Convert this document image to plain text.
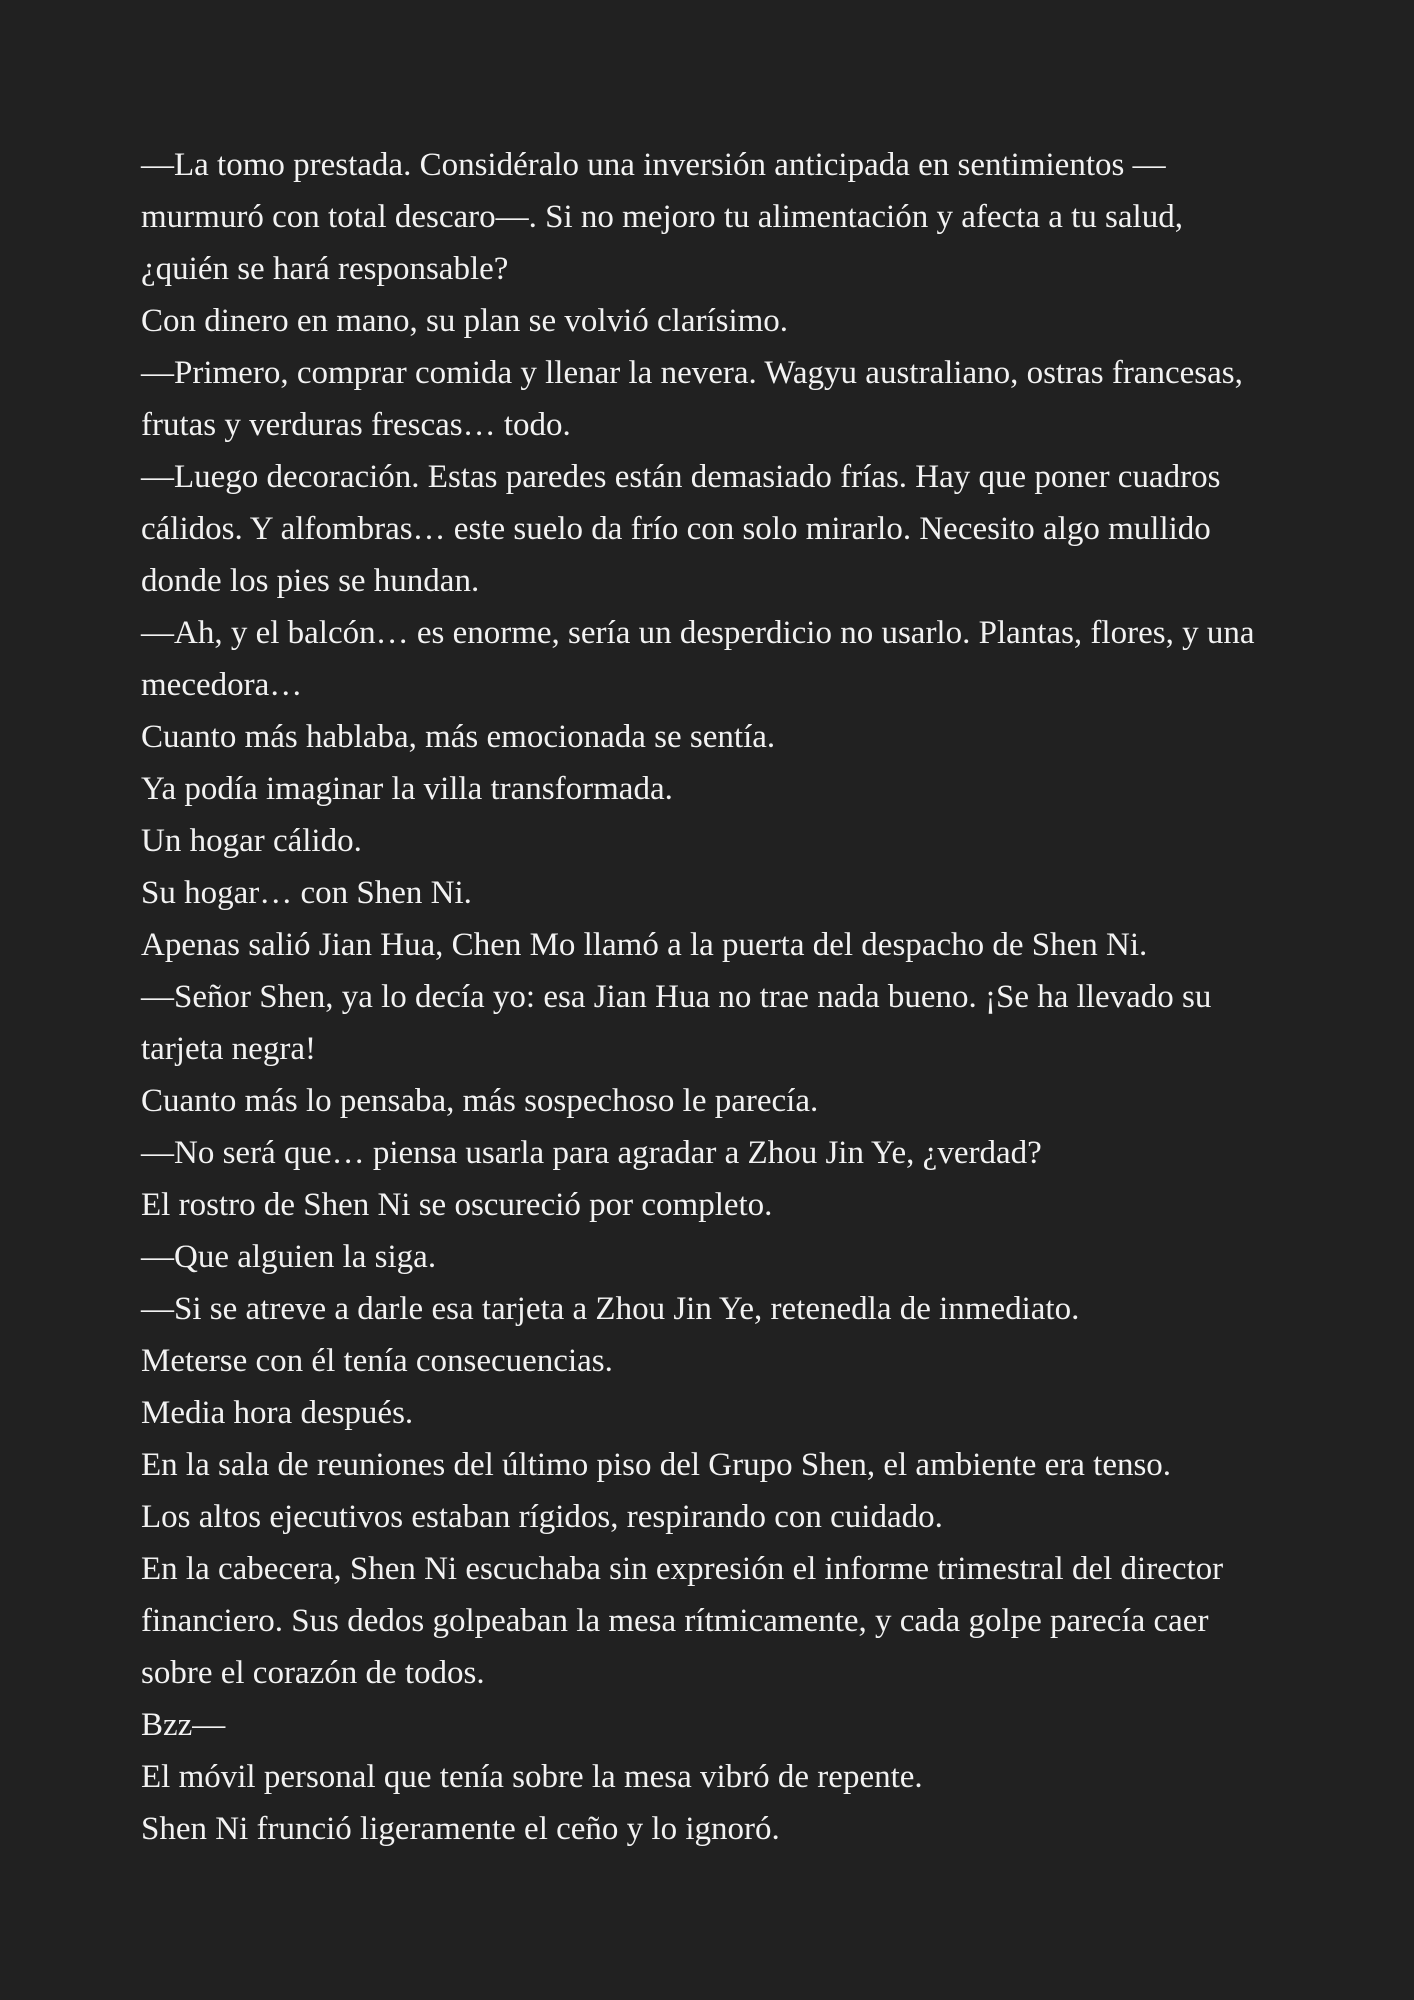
—La tomo prestada. Considéralo una inversión anticipada en sentimientos —murmuró con total descaro—. Si no mejoro tu alimentación y afecta a tu salud, ¿quién se hará responsable?

Con dinero en mano, su plan se volvió clarísimo.

—Primero, comprar comida y llenar la nevera. Wagyu australiano, ostras francesas, frutas y verduras frescas… todo.

—Luego decoración. Estas paredes están demasiado frías. Hay que poner cuadros cálidos. Y alfombras… este suelo da frío con solo mirarlo. Necesito algo mullido donde los pies se hundan.

—Ah, y el balcón… es enorme, sería un desperdicio no usarlo. Plantas, flores, y una mecedora…

Cuanto más hablaba, más emocionada se sentía.

Ya podía imaginar la villa transformada.

Un hogar cálido.

Su hogar… con Shen Ni.

Apenas salió Jian Hua, Chen Mo llamó a la puerta del despacho de Shen Ni.

—Señor Shen, ya lo decía yo: esa Jian Hua no trae nada bueno. ¡Se ha llevado su tarjeta negra!

Cuanto más lo pensaba, más sospechoso le parecía.

—No será que… piensa usarla para agradar a Zhou Jin Ye, ¿verdad?

El rostro de Shen Ni se oscureció por completo.

—Que alguien la siga.

—Si se atreve a darle esa tarjeta a Zhou Jin Ye, retenedla de inmediato.

Meterse con él tenía consecuencias.

Media hora después.

En la sala de reuniones del último piso del Grupo Shen, el ambiente era tenso.

Los altos ejecutivos estaban rígidos, respirando con cuidado.

En la cabecera, Shen Ni escuchaba sin expresión el informe trimestral del director financiero. Sus dedos golpeaban la mesa rítmicamente, y cada golpe parecía caer sobre el corazón de todos.

Bzz—

El móvil personal que tenía sobre la mesa vibró de repente.

Shen Ni frunció ligeramente el ceño y lo ignoró.
